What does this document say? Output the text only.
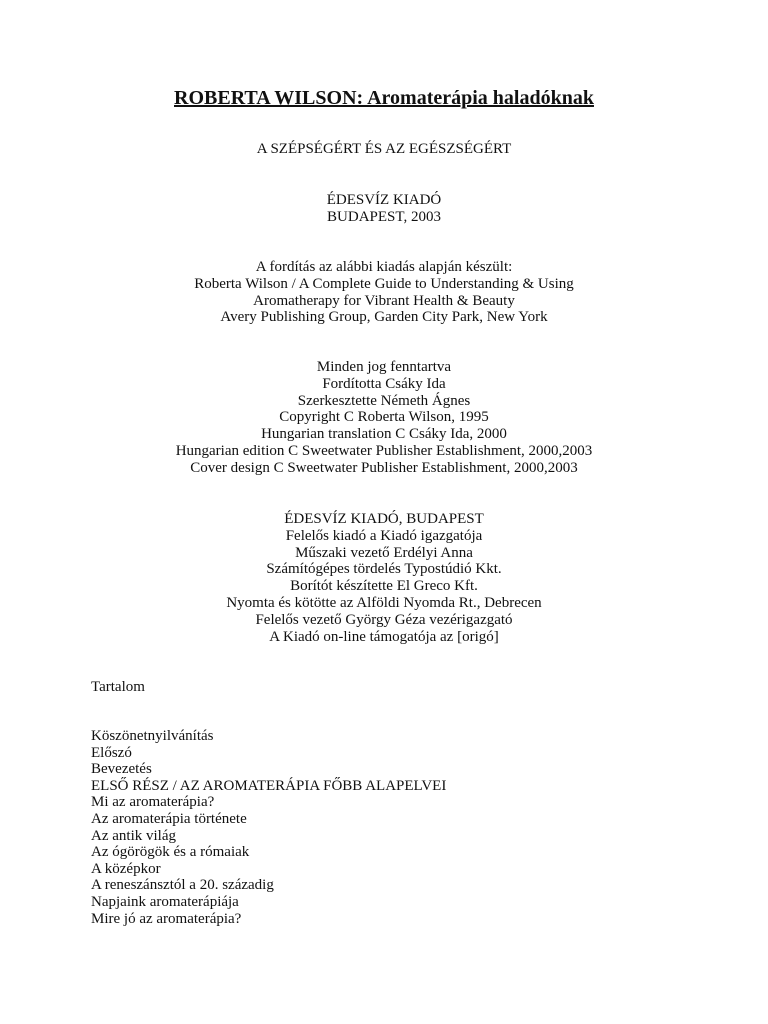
ROBERTA WILSON: Aromaterápia haladóknak
A SZÉPSÉGÉRT ÉS AZ EGÉSZSÉGÉRT
ÉDESVÍZ KIADÓ
BUDAPEST, 2003
A fordítás az alábbi kiadás alapján készült:
Roberta Wilson / A Complete Guide to Understanding & Using
Aromatherapy for Vibrant Health & Beauty
Avery Publishing Group, Garden City Park, New York
Minden jog fenntartva
Fordította Csáky Ida
Szerkesztette Németh Ágnes
Copyright C Roberta Wilson, 1995
Hungarian translation C Csáky Ida, 2000
Hungarian edition C Sweetwater Publisher Establishment, 2000,2003
Cover design C Sweetwater Publisher Establishment, 2000,2003
ÉDESVÍZ KIADÓ, BUDAPEST
Felelős kiadó a Kiadó igazgatója
Műszaki vezető Erdélyi Anna
Számítógépes tördelés Typostúdió Kkt.
Borítót készítette El Greco Kft.
Nyomta és kötötte az Alföldi Nyomda Rt., Debrecen
Felelős vezető György Géza vezérigazgató
A Kiadó on-line támogatója az [origó]
Tartalom
Köszönetnyilvánítás
Előszó
Bevezetés
ELSŐ RÉSZ / AZ AROMATERÁPIA FŐBB ALAPELVEI
Mi az aromaterápia?
Az aromaterápia története
Az antik világ
Az ógörögök és a rómaiak
A középkor
A reneszánsztól a 20. századig
Napjaink aromaterápiája
Mire jó az aromaterápia?
